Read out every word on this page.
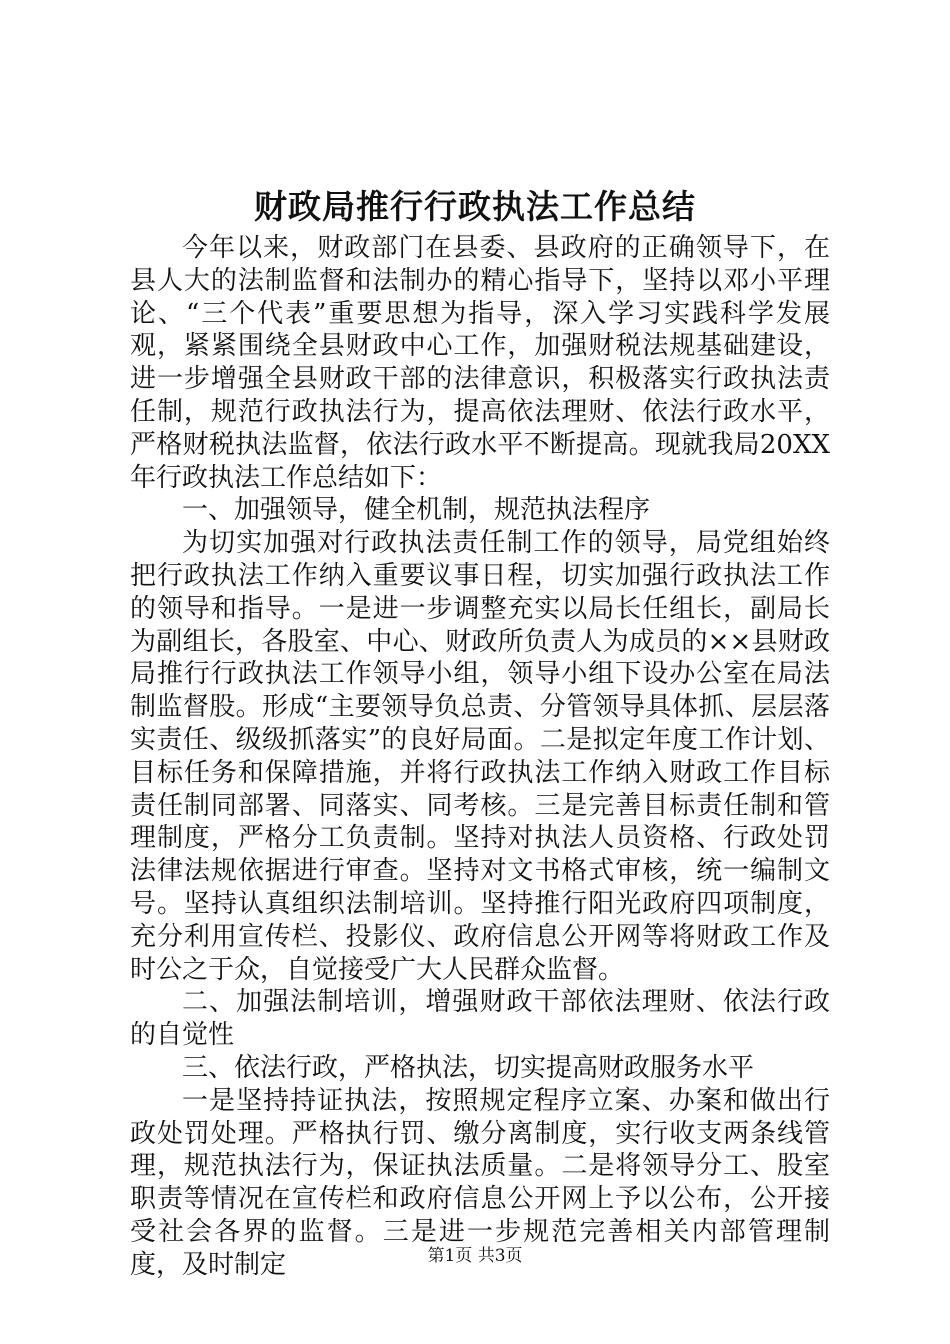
财政局推行行政执法工作总结

今年以来，财政部门在县委、县政府的正确领导下，在县人大的法制监督和法制办的精心指导下，坚持以邓小平理论、“三个代表”重要思想为指导，深入学习实践科学发展观，紧紧围绕全县财政中心工作，加强财税法规基础建设，进一步增强全县财政干部的法律意识，积极落实行政执法责任制，规范行政执法行为，提高依法理财、依法行政水平，严格财税执法监督，依法行政水平不断提高。现就我局20XX年行政执法工作总结如下：

一、加强领导，健全机制，规范执法程序

为切实加强对行政执法责任制工作的领导，局党组始终把行政执法工作纳入重要议事日程，切实加强行政执法工作的领导和指导。一是进一步调整充实以局长任组长，副局长为副组长，各股室、中心、财政所负责人为成员的××县财政局推行行政执法工作领导小组，领导小组下设办公室在局法制监督股。形成“主要领导负总责、分管领导具体抓、层层落实责任、级级抓落实”的良好局面。二是拟定年度工作计划、目标任务和保障措施，并将行政执法工作纳入财政工作目标责任制同部署、同落实、同考核。三是完善目标责任制和管理制度，严格分工负责制。坚持对执法人员资格、行政处罚法律法规依据进行审查。坚持对文书格式审核，统一编制文号。坚持认真组织法制培训。坚持推行阳光政府四项制度，充分利用宣传栏、投影仪、政府信息公开网等将财政工作及时公之于众，自觉接受广大人民群众监督。

二、加强法制培训，增强财政干部依法理财、依法行政的自觉性

三、依法行政，严格执法，切实提高财政服务水平

一是坚持持证执法，按照规定程序立案、办案和做出行政处罚处理。严格执行罚、缴分离制度，实行收支两条线管理，规范执法行为，保证执法质量。二是将领导分工、股室职责等情况在宣传栏和政府信息公开网上予以公布，公开接受社会各界的监督。三是进一步规范完善相关内部管理制度，及时制定	第1页 共3页
